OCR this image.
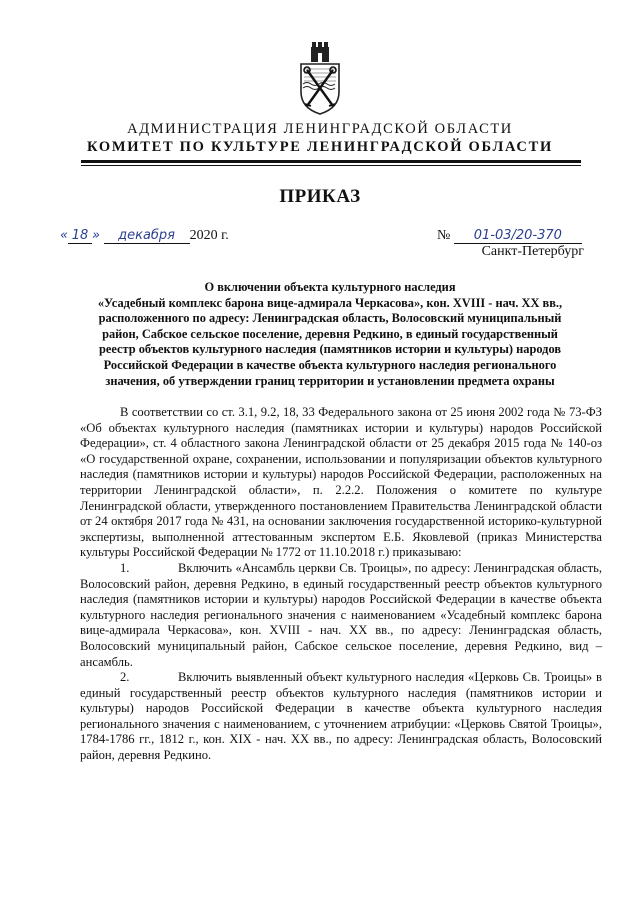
АДМИНИСТРАЦИЯ ЛЕНИНГРАДСКОЙ ОБЛАСТИ
КОМИТЕТ ПО КУЛЬТУРЕ ЛЕНИНГРАДСКОЙ ОБЛАСТИ
ПРИКАЗ
« 18 » декабря 2020 г.	№ 01-03/20-370
Санкт-Петербург
О включении объекта культурного наследия
«Усадебный комплекс барона вице-адмирала Черкасова», кон. XVIII - нач. XX вв.,
расположенного по адресу: Ленинградская область, Волосовский муниципальный
район, Сабское сельское поселение, деревня Редкино, в единый государственный
реестр объектов культурного наследия (памятников истории и культуры) народов
Российской Федерации в качестве объекта культурного наследия регионального
значения, об утверждении границ территории и установлении предмета охраны

В соответствии со ст. 3.1, 9.2, 18, 33 Федерального закона от 25 июня 2002 года № 73-ФЗ «Об объектах культурного наследия (памятниках истории и культуры) народов Российской Федерации», ст. 4 областного закона Ленинградской области от 25 декабря 2015 года № 140-оз «О государственной охране, сохранении, использовании и популяризации объектов культурного наследия (памятников истории и культуры) народов Российской Федерации, расположенных на территории Ленинградской области», п. 2.2.2. Положения о комитете по культуре Ленинградской области, утвержденного постановлением Правительства Ленинградской области от 24 октября 2017 года № 431, на основании заключения государственной историко-культурной экспертизы, выполненной аттестованным экспертом Е.Б. Яковлевой (приказ Министерства культуры Российской Федерации № 1772 от 11.10.2018 г.) приказываю:

1.	Включить «Ансамбль церкви Св. Троицы», по адресу: Ленинградская область, Волосовский район, деревня Редкино, в единый государственный реестр объектов культурного наследия (памятников истории и культуры) народов Российской Федерации в качестве объекта культурного наследия регионального значения с наименованием «Усадебный комплекс барона вице-адмирала Черкасова», кон. XVIII - нач. XX вв., по адресу: Ленинградская область, Волосовский муниципальный район, Сабское сельское поселение, деревня Редкино, вид – ансамбль.

2.	Включить выявленный объект культурного наследия «Церковь Св. Троицы» в единый государственный реестр объектов культурного наследия (памятников истории и культуры) народов Российской Федерации в качестве объекта культурного наследия регионального значения с наименованием, с уточнением атрибуции: «Церковь Святой Троицы», 1784-1786 гг., 1812 г., кон. XIX - нач. XX вв., по адресу: Ленинградская область, Волосовский район, деревня Редкино.
